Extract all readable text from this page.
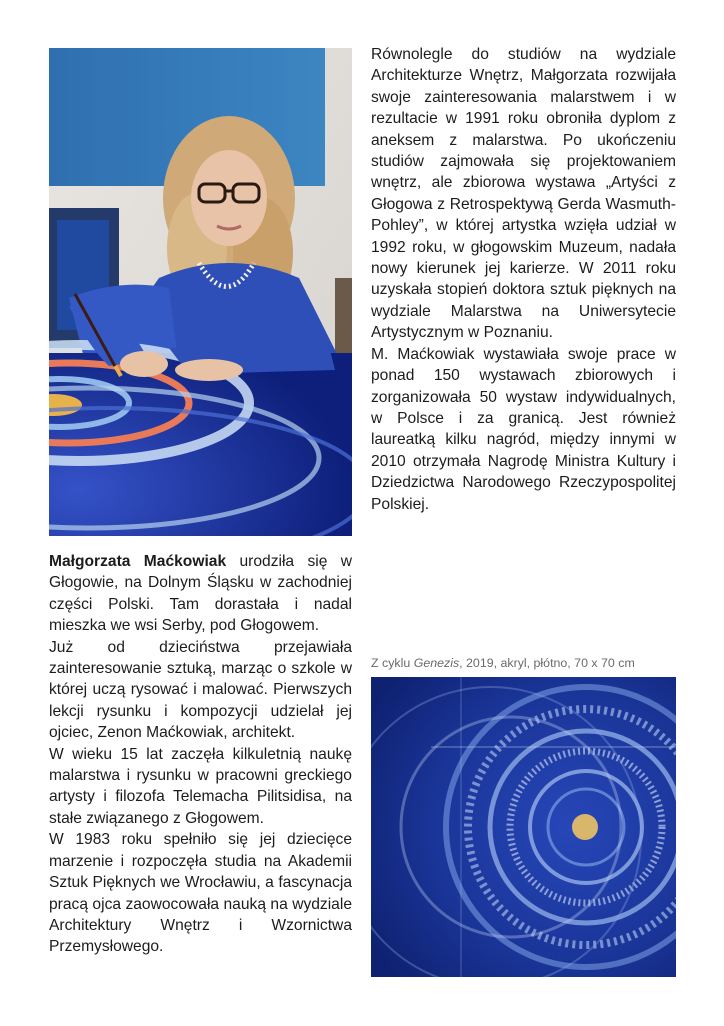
Równolegle do studiów na wydziale Architekturze Wnętrz, Małgorzata rozwijała swoje zainteresowania malarstwem i w rezultacie w 1991 roku obroniła dyplom z aneksem z malarstwa. Po ukończeniu studiów zajmowała się projektowaniem wnętrz, ale zbiorowa wystawa „Artyści z Głogowa z Retrospektywą Gerda Wasmuth-Pohley”, w której artystka wzięła udział w 1992 roku, w głogowskim Muzeum, nadała nowy kierunek jej karierze. W 2011 roku uzyskała stopień doktora sztuk pięknych na wydziale Malarstwa na Uniwersytecie Artystycznym w Poznaniu.

M. Maćkowiak wystawiała swoje prace w ponad 150 wystawach zbiorowych i zorganizowała 50 wystaw indywidualnych, w Polsce i za granicą. Jest również laureatką kilku nagród, między innymi w 2010 otrzymała Nagrodę Ministra Kultury i Dziedzictwa Narodowego Rzeczypospolitej Polskiej.

Małgorzata Maćkowiak urodziła się w Głogowie, na Dolnym Śląsku w zachodniej części Polski. Tam dorastała i nadal mieszka we wsi Serby, pod Głogowem.

Już od dzieciństwa przejawiała zainteresowanie sztuką, marząc o szkole w której uczą rysować i malować. Pierwszych lekcji rysunku i kompozycji udzielał jej ojciec, Zenon Maćkowiak, architekt.

W wieku 15 lat zaczęła kilkuletnią naukę malarstwa i rysunku w pracowni greckiego artysty i filozofa Telemacha Pilitsidisa, na stałe związanego z Głogowem.

W 1983 roku spełniło się jej dziecięce marzenie i rozpoczęła studia na Akademii Sztuk Pięknych we Wrocławiu, a fascynacja pracą ojca zaowocowała nauką na wydziale Architektury Wnętrz i Wzornictwa Przemysłowego.

Z cyklu Genezis, 2019, akryl, płótno, 70 x 70 cm
